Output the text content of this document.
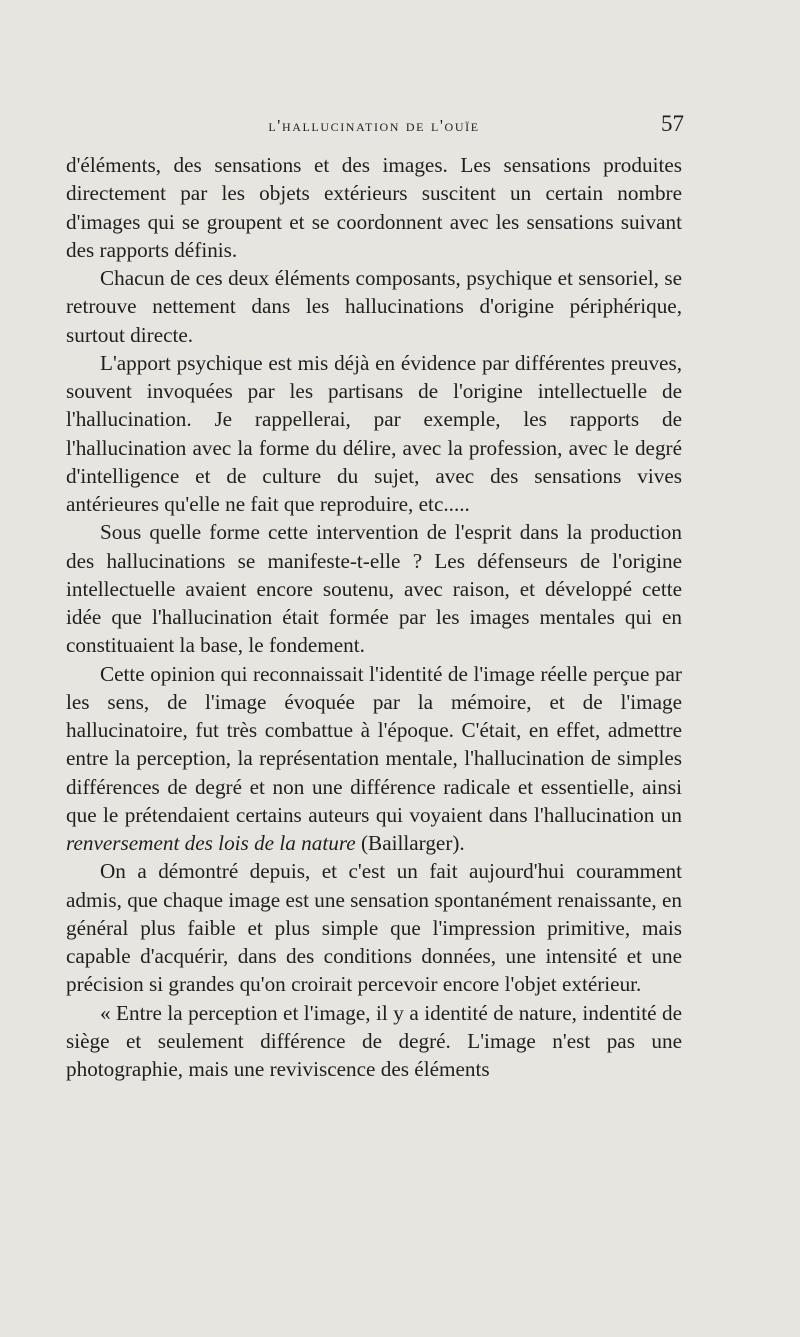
l'hallucination de l'ouïe	57

d'éléments, des sensations et des images. Les sensations produites directement par les objets extérieurs suscitent un certain nombre d'images qui se groupent et se coordonnent avec les sensations suivant des rapports définis.

Chacun de ces deux éléments composants, psychique et sensoriel, se retrouve nettement dans les hallucinations d'origine périphérique, surtout directe.

L'apport psychique est mis déjà en évidence par différentes preuves, souvent invoquées par les partisans de l'origine intellectuelle de l'hallucination. Je rappellerai, par exemple, les rapports de l'hallucination avec la forme du délire, avec la profession, avec le degré d'intelligence et de culture du sujet, avec des sensations vives antérieures qu'elle ne fait que reproduire, etc.....

Sous quelle forme cette intervention de l'esprit dans la production des hallucinations se manifeste-t-elle ? Les défenseurs de l'origine intellectuelle avaient encore soutenu, avec raison, et développé cette idée que l'hallucination était formée par les images mentales qui en constituaient la base, le fondement.

Cette opinion qui reconnaissait l'identité de l'image réelle perçue par les sens, de l'image évoquée par la mémoire, et de l'image hallucinatoire, fut très combattue à l'époque. C'était, en effet, admettre entre la perception, la représentation mentale, l'hallucination de simples différences de degré et non une différence radicale et essentielle, ainsi que le prétendaient certains auteurs qui voyaient dans l'hallucination un renversement des lois de la nature (Baillarger).

On a démontré depuis, et c'est un fait aujourd'hui couramment admis, que chaque image est une sensation spontanément renaissante, en général plus faible et plus simple que l'impression primitive, mais capable d'acquérir, dans des conditions données, une intensité et une précision si grandes qu'on croirait percevoir encore l'objet extérieur.

« Entre la perception et l'image, il y a identité de nature, indentité de siège et seulement différence de degré. L'image n'est pas une photographie, mais une reviviscence des éléments
